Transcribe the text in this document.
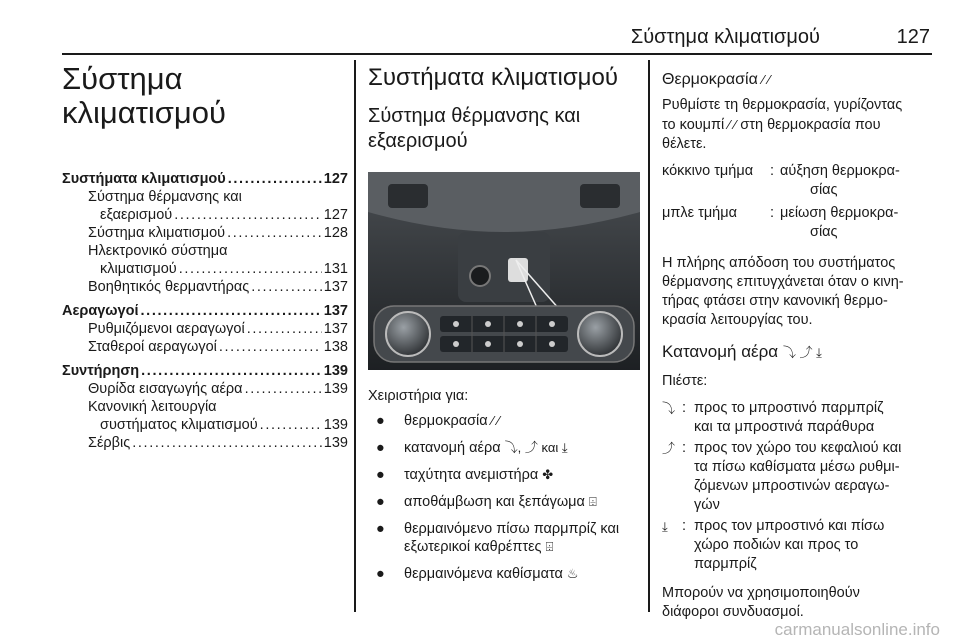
Σύστημα κλιματισμού	127
Σύστημα
κλιματισμού
Συστήματα κλιματισμού . . .	127
Σύστημα θέρμανσης και
εξαερισμού . . .	127
Σύστημα κλιματισμού . . .	128
Ηλεκτρονικό σύστημα
κλιματισμού . . .	131
Βοηθητικός θερμαντήρας . . .	137
Αεραγωγοί . . .	137
Ρυθμιζόμενοι αεραγωγοί . . .	137
Σταθεροί αεραγωγοί . . .	138
Συντήρηση . . .	139
Θυρίδα εισαγωγής αέρα . . .	139
Κανονική λειτουργία
συστήματος κλιματισμού . . .	139
Σέρβις . . .	139
Συστήματα κλιματισμού
Σύστημα θέρμανσης και
εξαερισμού
Χειριστήρια για:
●	θερμοκρασία ⁄ ⁄
●	κατανομή αέρα ⤵, ⤴ και ⤓
●	ταχύτητα ανεμιστήρα ✤
●	αποθάμβωση και ξεπάγωμα ⌹
●	θερμαινόμενο πίσω παρμπρίζ και
εξωτερικοί καθρέπτες ⌹
●	θερμαινόμενα καθίσματα ♨
Θερμοκρασία ⁄ ⁄
Ρυθμίστε τη θερμοκρασία, γυρίζοντας
το κουμπί ⁄ ⁄ στη θερμοκρασία που
θέλετε.
κόκκινο τμήμα	: αύξηση θερμοκρα-
σίας
μπλε τμήμα	: μείωση θερμοκρα-
σίας
Η πλήρης απόδοση του συστήματος
θέρμανσης επιτυγχάνεται όταν ο κινη-
τήρας φτάσει στην κανονική θερμο-
κρασία λειτουργίας του.
Κατανομή αέρα ⤵ ⤴ ⤓
Πιέστε:
⤵ : προς το μπροστινό παρμπρίζ
και τα μπροστινά παράθυρα
⤴ : προς τον χώρο του κεφαλιού και
τα πίσω καθίσματα μέσω ρυθμι-
ζόμενων μπροστινών αεραγω-
γών
⤓ : προς τον μπροστινό και πίσω
χώρο ποδιών και προς το
παρμπρίζ
Μπορούν να χρησιμοποιηθούν
διάφοροι συνδυασμοί.
carmanualsonline.info
